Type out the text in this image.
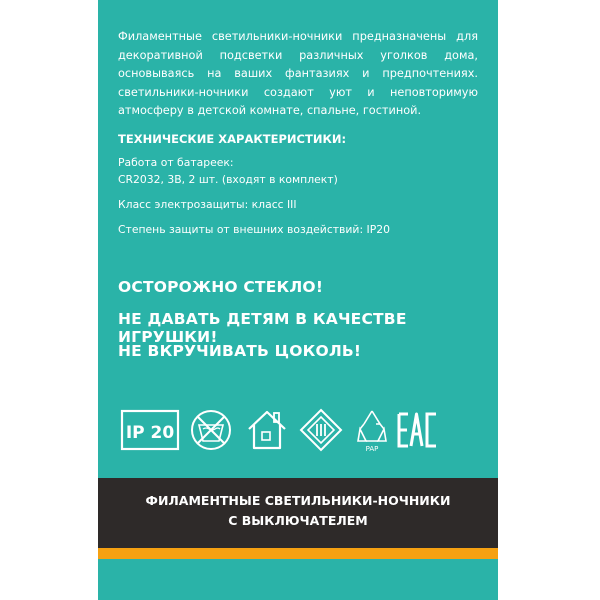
Филаментные светильники-ночники предназначены для декоративной подсветки различных уголков дома, основываясь на ваших фантазиях и предпочтениях. светильники-ночники создают уют и неповторимую атмосферу в детской комнате, спальне, гостиной.

ТЕХНИЧЕСКИЕ ХАРАКТЕРИСТИКИ:
Работа от батареек:
CR2032, 3В, 2 шт. (входят в комплект)
Класс электрозащиты: класс III
Степень защиты от внешних воздействий: IP20
ОСТОРОЖНО СТЕКЛО!
НЕ ДАВАТЬ ДЕТЯМ В КАЧЕСТВЕ ИГРУШКИ!
НЕ ВКРУЧИВАТЬ ЦОКОЛЬ!
IP 20
PAP
ФИЛАМЕНТНЫЕ СВЕТИЛЬНИКИ-НОЧНИКИ
С ВЫКЛЮЧАТЕЛЕМ
